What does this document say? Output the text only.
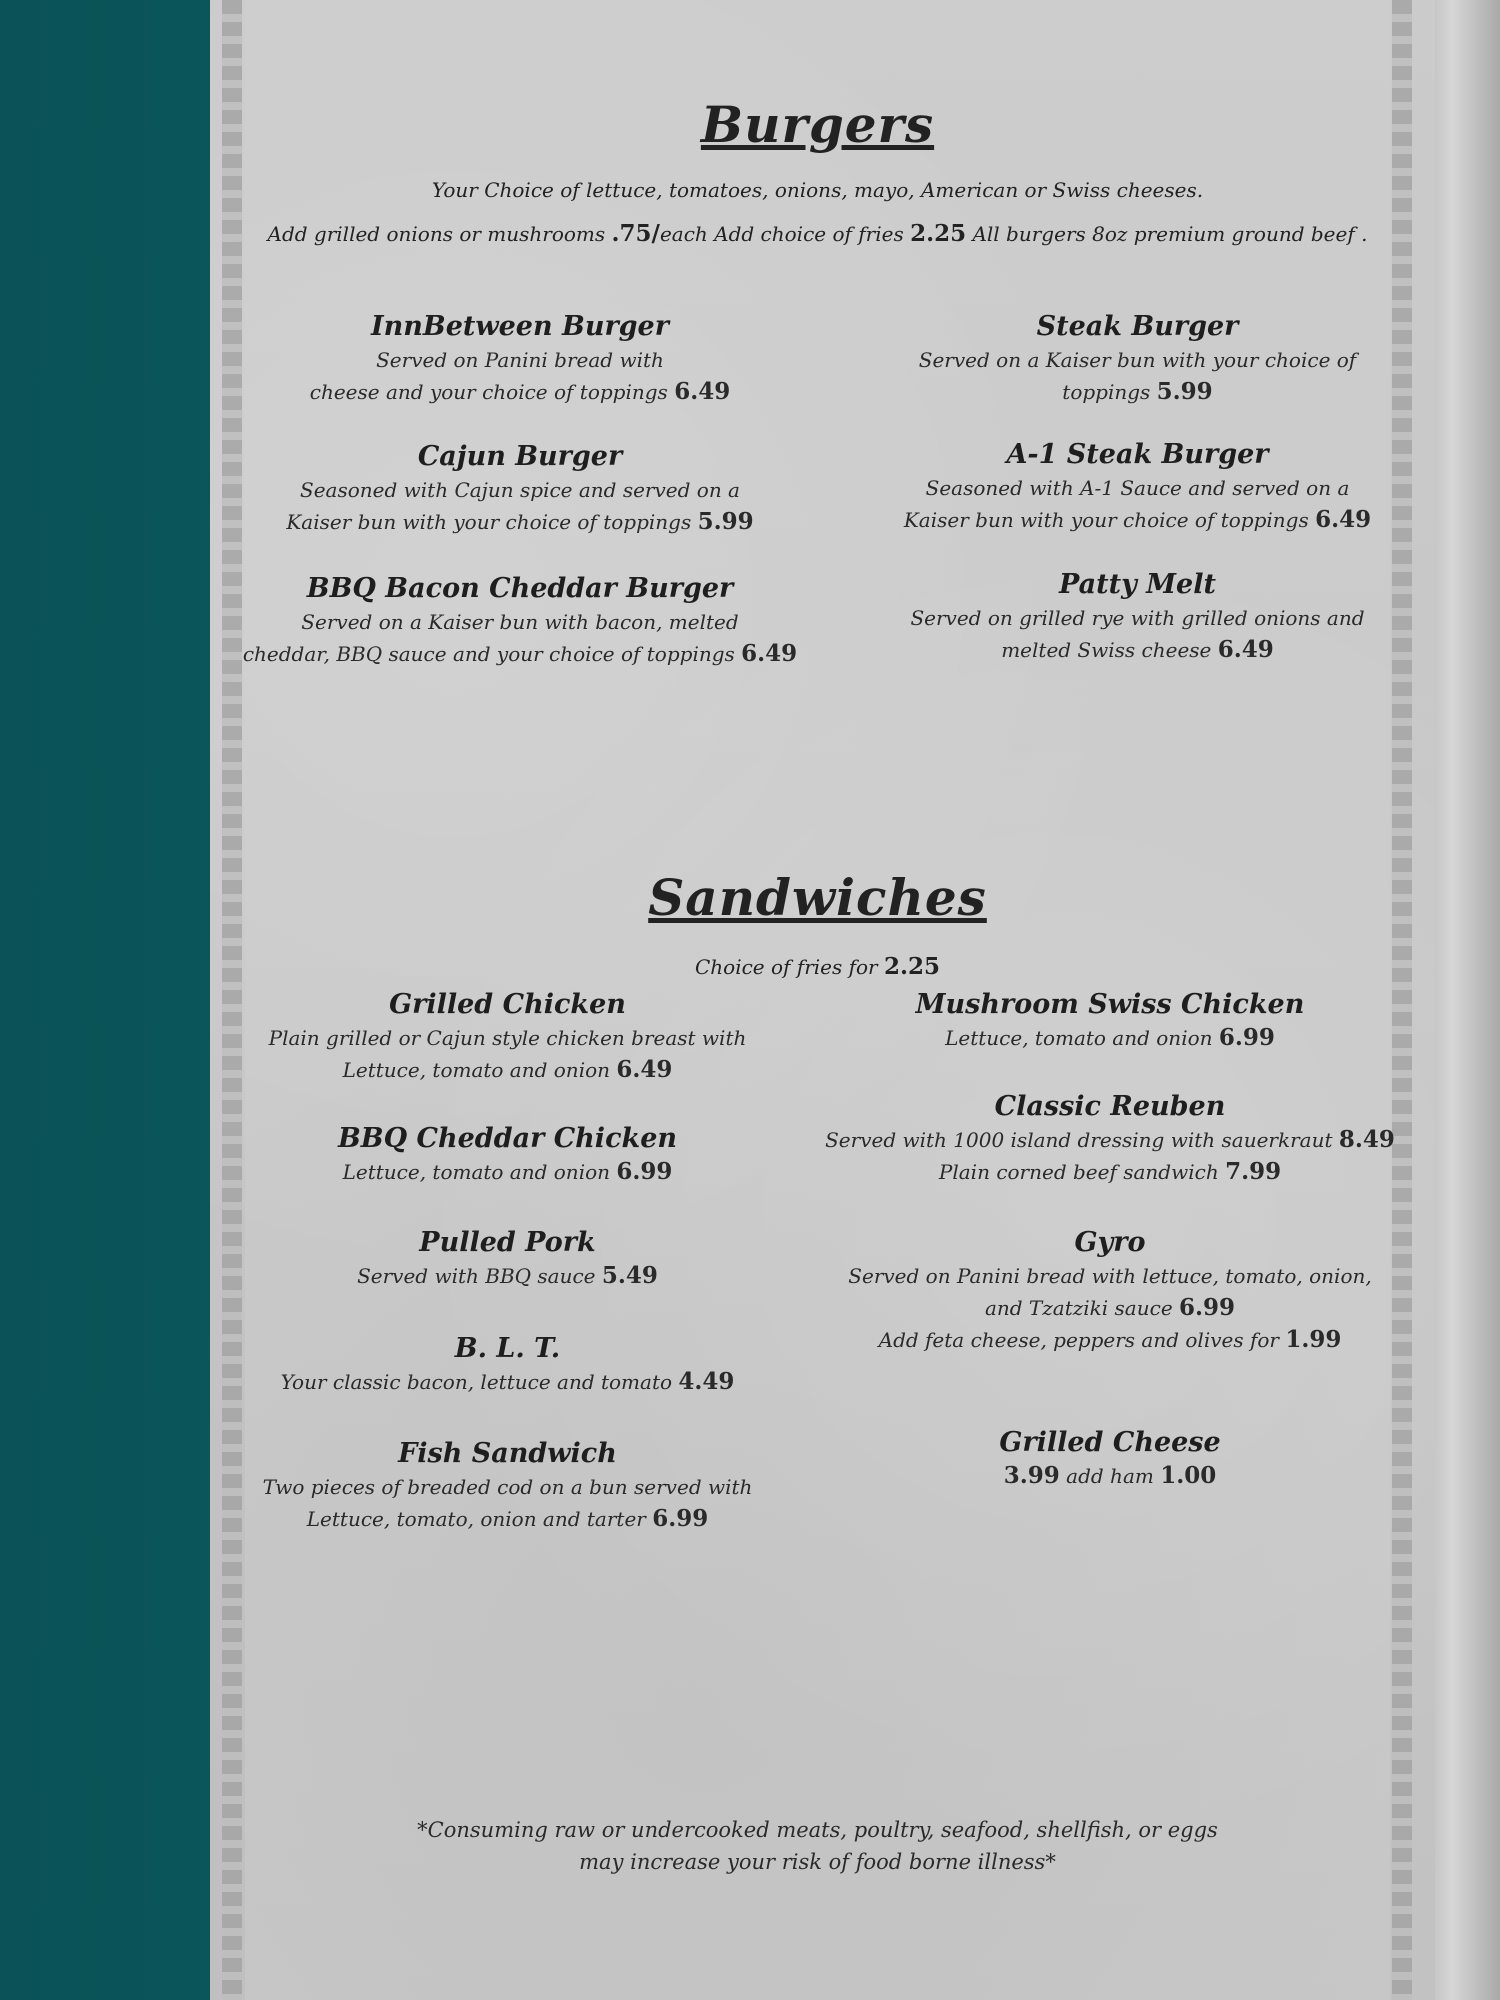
Burgers
Your Choice of lettuce, tomatoes, onions, mayo, American or Swiss cheeses.
Add grilled onions or mushrooms .75/each Add choice of fries 2.25 All burgers 8oz premium ground beef .
InnBetween Burger
Served on Panini bread with
cheese and your choice of toppings 6.49
Cajun Burger
Seasoned with Cajun spice and served on a
Kaiser bun with your choice of toppings 5.99
BBQ Bacon Cheddar Burger
Served on a Kaiser bun with bacon, melted
cheddar, BBQ sauce and your choice of toppings 6.49
Steak Burger
Served on a Kaiser bun with your choice of
toppings 5.99
A-1 Steak Burger
Seasoned with A-1 Sauce and served on a
Kaiser bun with your choice of toppings 6.49
Patty Melt
Served on grilled rye with grilled onions and
melted Swiss cheese 6.49
Sandwiches
Choice of fries for 2.25
Grilled Chicken
Plain grilled or Cajun style chicken breast with
Lettuce, tomato and onion 6.49
BBQ Cheddar Chicken
Lettuce, tomato and onion 6.99
Pulled Pork
Served with BBQ sauce 5.49
B. L. T.
Your classic bacon, lettuce and tomato 4.49
Fish Sandwich
Two pieces of breaded cod on a bun served with
Lettuce, tomato, onion and tarter 6.99
Mushroom Swiss Chicken
Lettuce, tomato and onion 6.99
Classic Reuben
Served with 1000 island dressing with sauerkraut 8.49
Plain corned beef sandwich 7.99
Gyro
Served on Panini bread with lettuce, tomato, onion,
and Tzatziki sauce 6.99
Add feta cheese, peppers and olives for 1.99
Grilled Cheese
3.99 add ham 1.00
*Consuming raw or undercooked meats, poultry, seafood, shellfish, or eggs
may increase your risk of food borne illness*
